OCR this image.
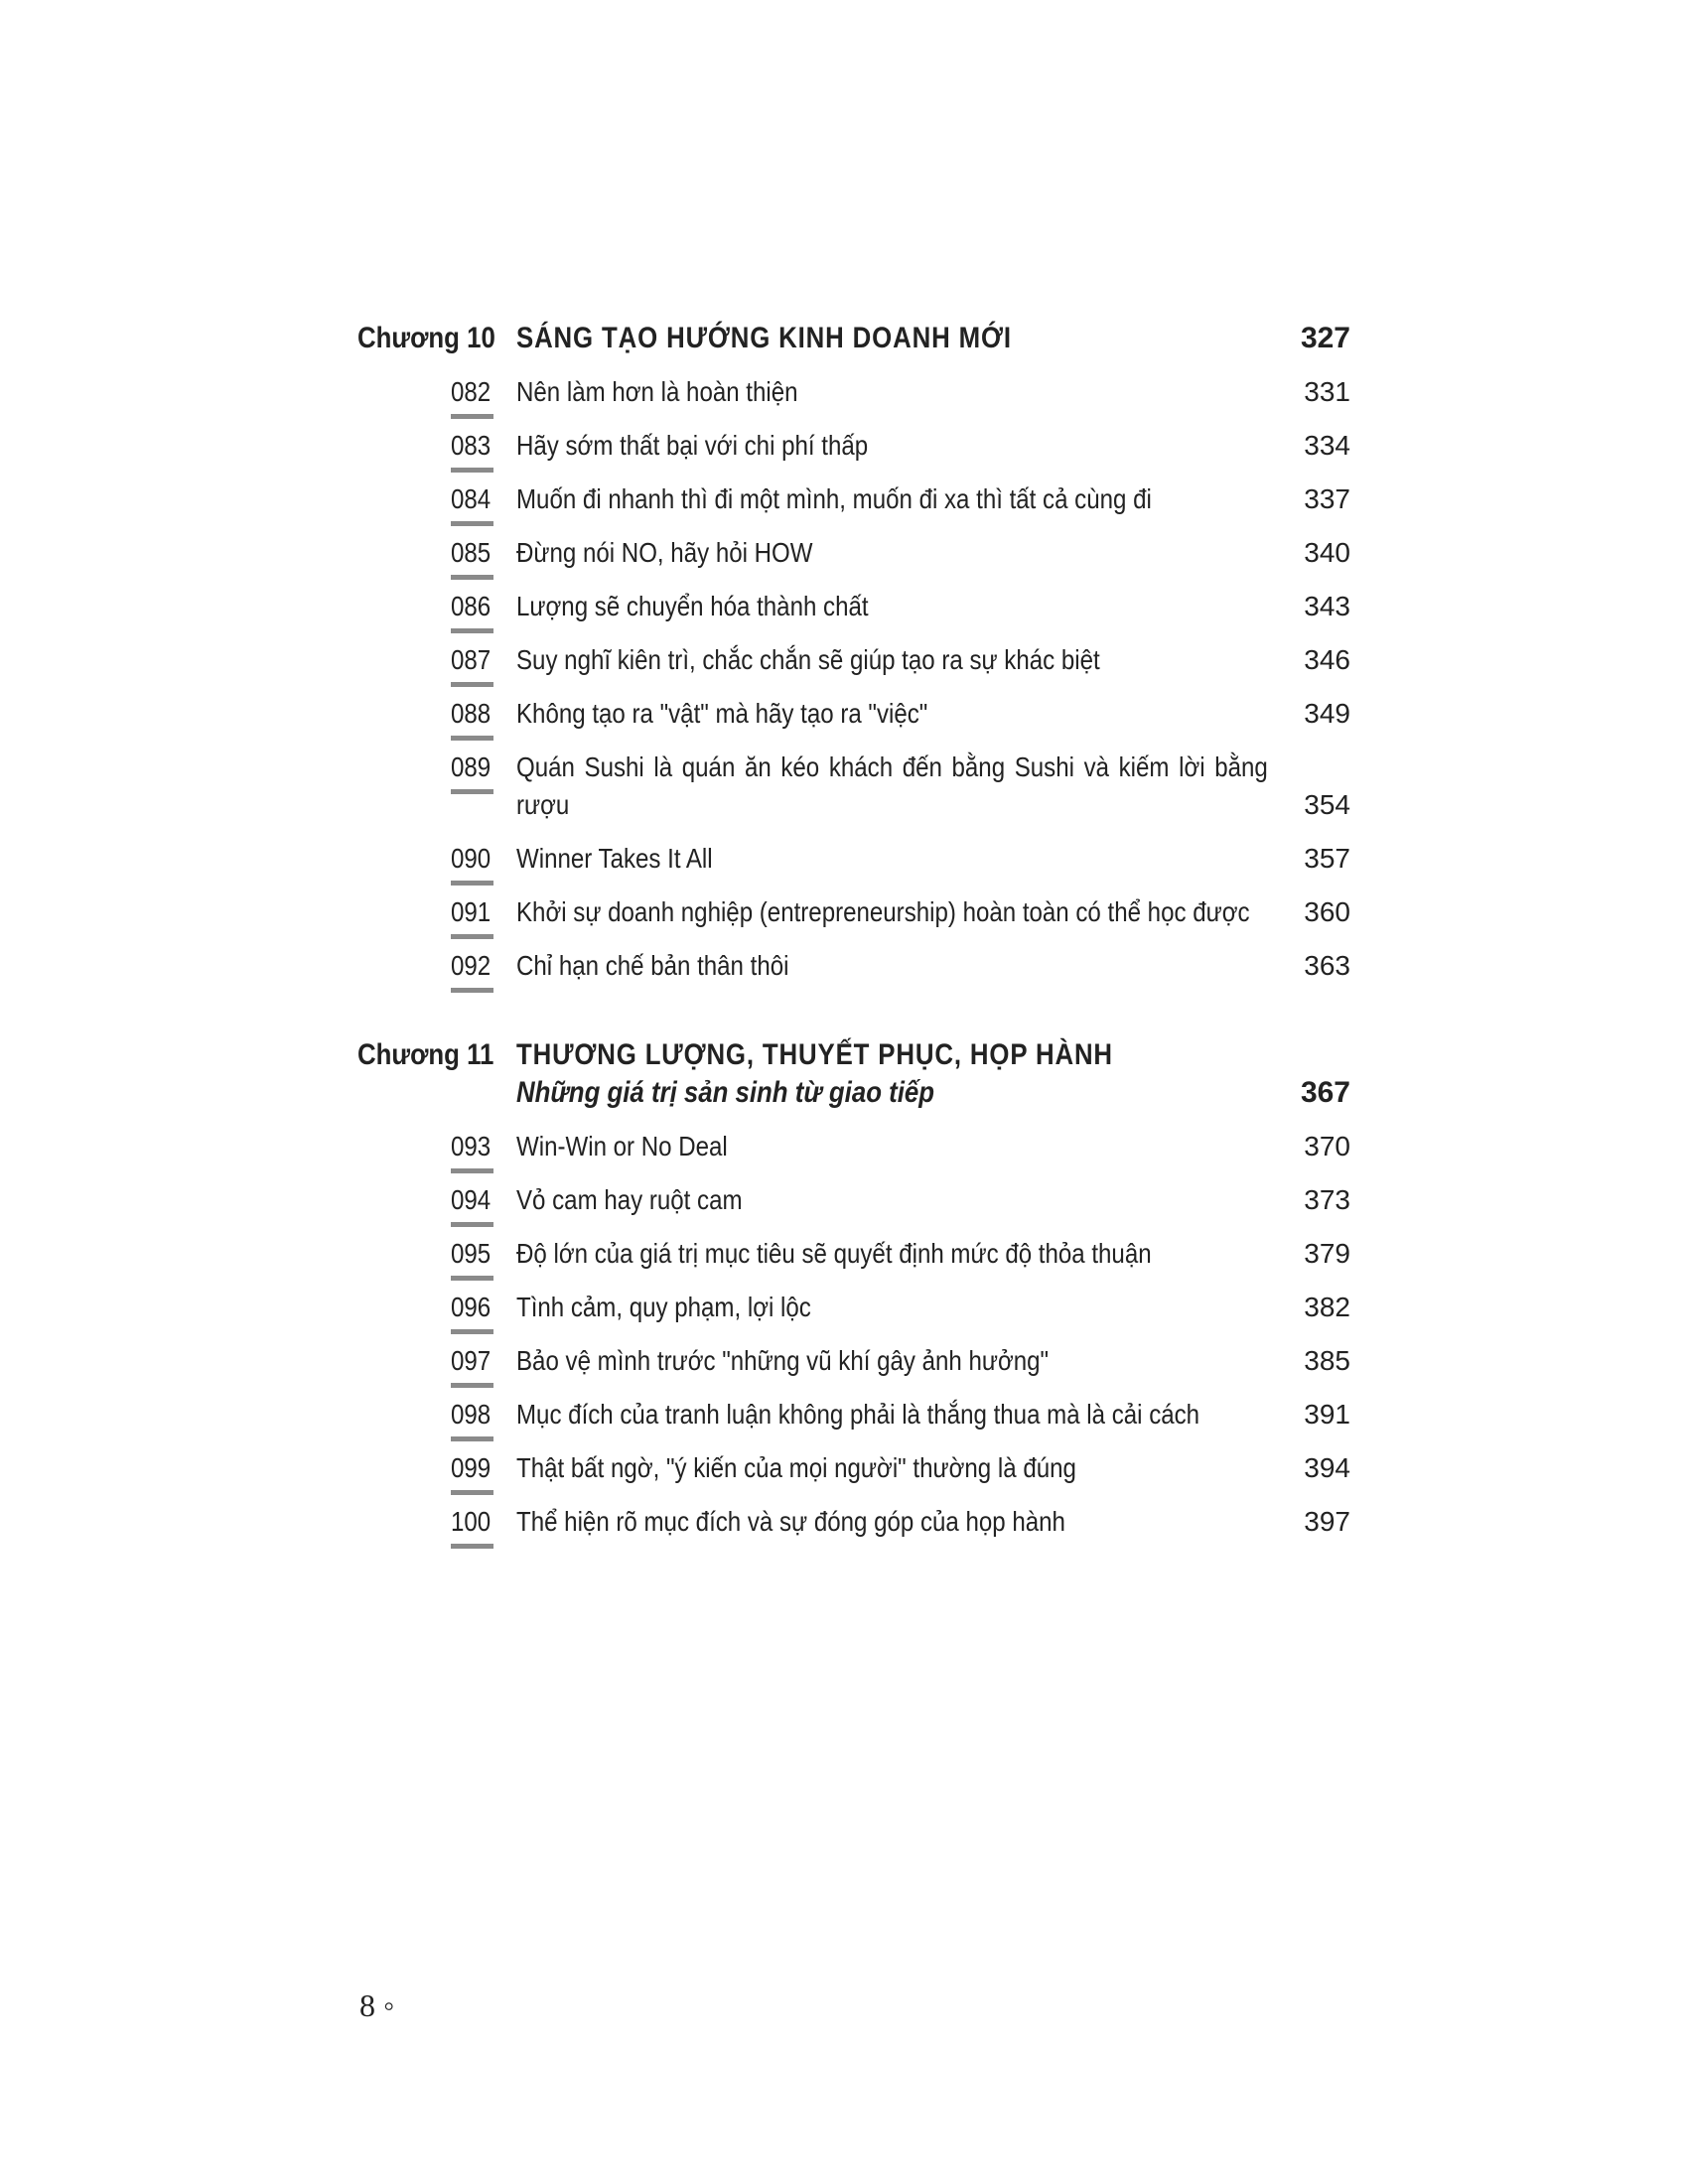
Chương 10 SÁNG TẠO HƯỚNG KINH DOANH MỚI	327
082 Nên làm hơn là hoàn thiện	331
083 Hãy sớm thất bại với chi phí thấp	334
084 Muốn đi nhanh thì đi một mình, muốn đi xa thì tất cả cùng đi	337
085 Đừng nói NO, hãy hỏi HOW	340
086 Lượng sẽ chuyển hóa thành chất	343
087 Suy nghĩ kiên trì, chắc chắn sẽ giúp tạo ra sự khác biệt	346
088 Không tạo ra "vật" mà hãy tạo ra "việc"	349
089 Quán Sushi là quán ăn kéo khách đến bằng Sushi và kiếm lời bằng rượu	354
090 Winner Takes It All	357
091 Khởi sự doanh nghiệp (entrepreneurship) hoàn toàn có thể học được	360
092 Chỉ hạn chế bản thân thôi	363
Chương 11 THƯƠNG LƯỢNG, THUYẾT PHỤC, HỌP HÀNH
Những giá trị sản sinh từ giao tiếp	367
093 Win-Win or No Deal	370
094 Vỏ cam hay ruột cam	373
095 Độ lớn của giá trị mục tiêu sẽ quyết định mức độ thỏa thuận	379
096 Tình cảm, quy phạm, lợi lộc	382
097 Bảo vệ mình trước "những vũ khí gây ảnh hưởng"	385
098 Mục đích của tranh luận không phải là thắng thua mà là cải cách	391
099 Thật bất ngờ, "ý kiến của mọi người" thường là đúng	394
100 Thể hiện rõ mục đích và sự đóng góp của họp hành	397
8 ◦
